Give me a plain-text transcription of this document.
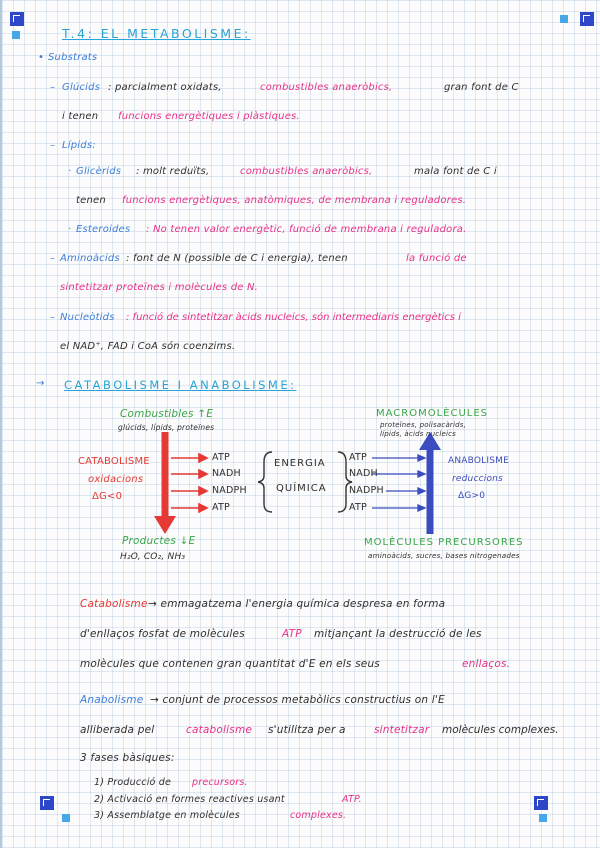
T.4: EL METABOLISME:
• Substrats
– Glúcids : parcialment oxidats,	combustibles anaeròbics,	gran font de C
i tenen funcions energètiques i plàstiques.
– Lípids:
· Glicèrids : molt reduïts,	combustibles anaeròbics,	mala font de C i
tenen funcions energètiques, anatòmiques, de membrana i reguladores.
· Esteroides : No tenen valor energètic, funció de membrana i reguladora.
– Aminoàcids : font de N (possible de C i energia), tenen	la funció de
sintetitzar proteïnes i molècules de N.
– Nucleòtids : funció de sintetitzar àcids nucleics, són intermediaris energètics i
el NAD⁺, FAD i CoA són coenzims.
→ CATABOLISME I ANABOLISME:
Combustibles ↑E
glúcids, lípids, proteïnes
CATABOLISME
oxidacions
ΔG<0
ATP
NADH
NADPH
ATP
ENERGIA
QUÍMICA
ATP
NADH
NADPH
ATP
MACROMOLÈCULES
proteïnes, polisacàrids,
lípids, àcids nucleics
ANABOLISME
reduccions
ΔG>0
Productes ↓E
H₂O, CO₂, NH₃
MOLÈCULES PRECURSORES
aminoàcids, sucres, bases nitrogenades
Catabolisme → emmagatzema l'energia química despresa en forma
d'enllaços fosfat de molècules	ATP mitjançant la destrucció de les
molècules que contenen gran quantitat d'E en els seus	enllaços.
Anabolisme → conjunt de processos metabòlics constructius on l'E
alliberada pel	catabolisme s'utilitza per a	sintetitzar molècules complexes.
3 fases bàsiques:
1) Producció de precursors.
2) Activació en formes reactives usant	ATP.
3) Assemblatge en molècules	complexes.
